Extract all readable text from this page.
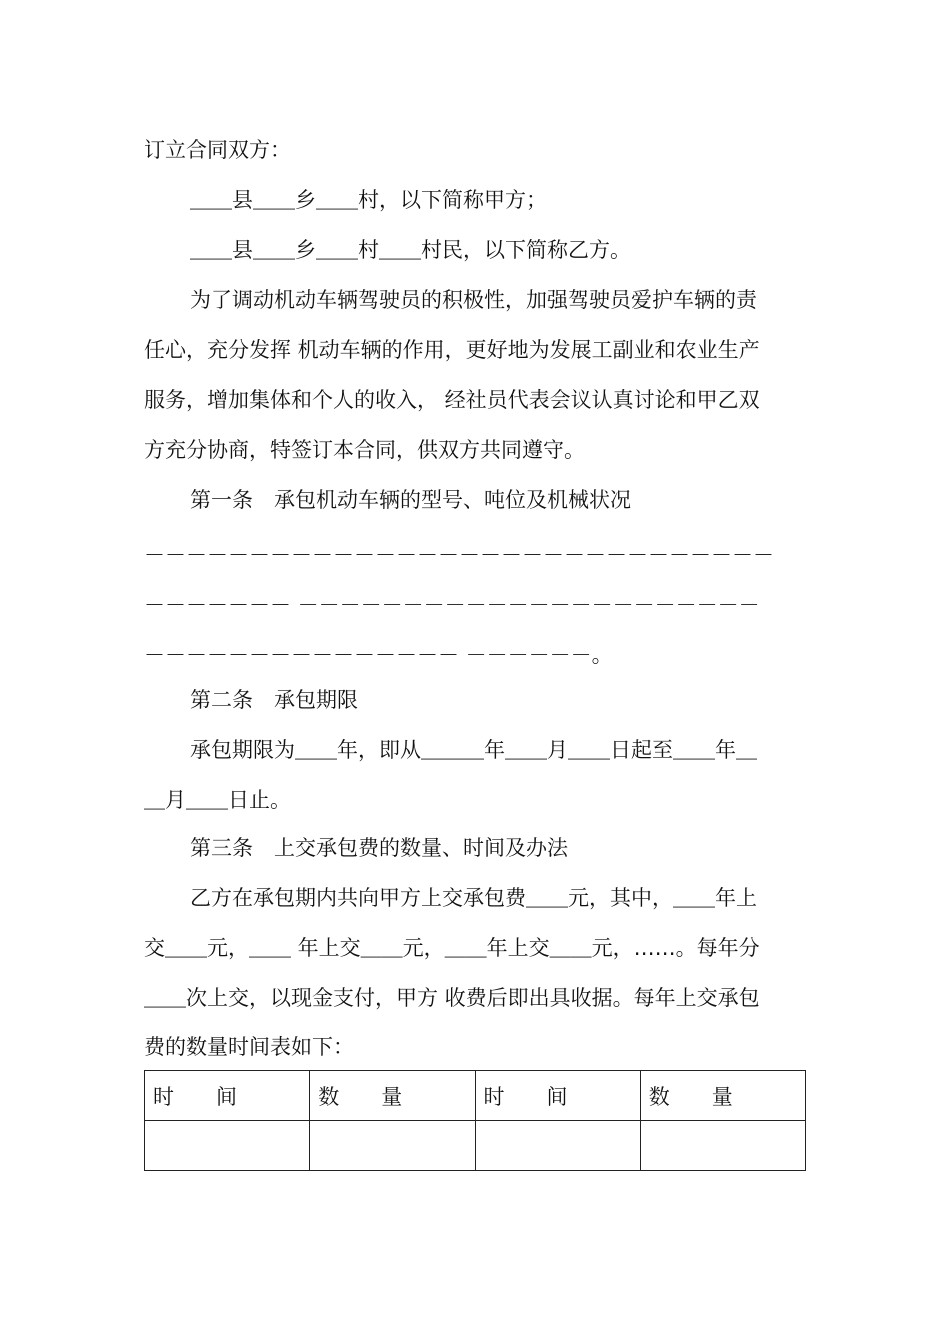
订立合同双方：
＿＿县＿＿乡＿＿村，以下简称甲方；
＿＿县＿＿乡＿＿村＿＿村民，以下简称乙方。
为了调动机动车辆驾驶员的积极性，加强驾驶员爱护车辆的责
任心，充分发挥 机动车辆的作用，更好地为发展工副业和农业生产
服务，增加集体和个人的收入， 经社员代表会议认真讨论和甲乙双
方充分协商，特签订本合同，供双方共同遵守。
第一条　承包机动车辆的型号、吨位及机械状况
－－－－－－－－－－－－－－－－－－－－－－－－－－－－－－
－－－－－－－ －－－－－－－－－－－－－－－－－－－－－－
－－－－－－－－－－－－－－－ －－－－－－。
第二条　承包期限
承包期限为＿＿年，即从＿＿＿年＿＿月＿＿日起至＿＿年＿
＿月＿＿日止。
第三条　上交承包费的数量、时间及办法
乙方在承包期内共向甲方上交承包费＿＿元，其中，＿＿年上
交＿＿元，＿＿ 年上交＿＿元，＿＿年上交＿＿元，……。每年分
＿＿次上交，以现金支付，甲方 收费后即出具收据。每年上交承包
费的数量时间表如下：
时　　间	数　　量	时　　间	数　　量
